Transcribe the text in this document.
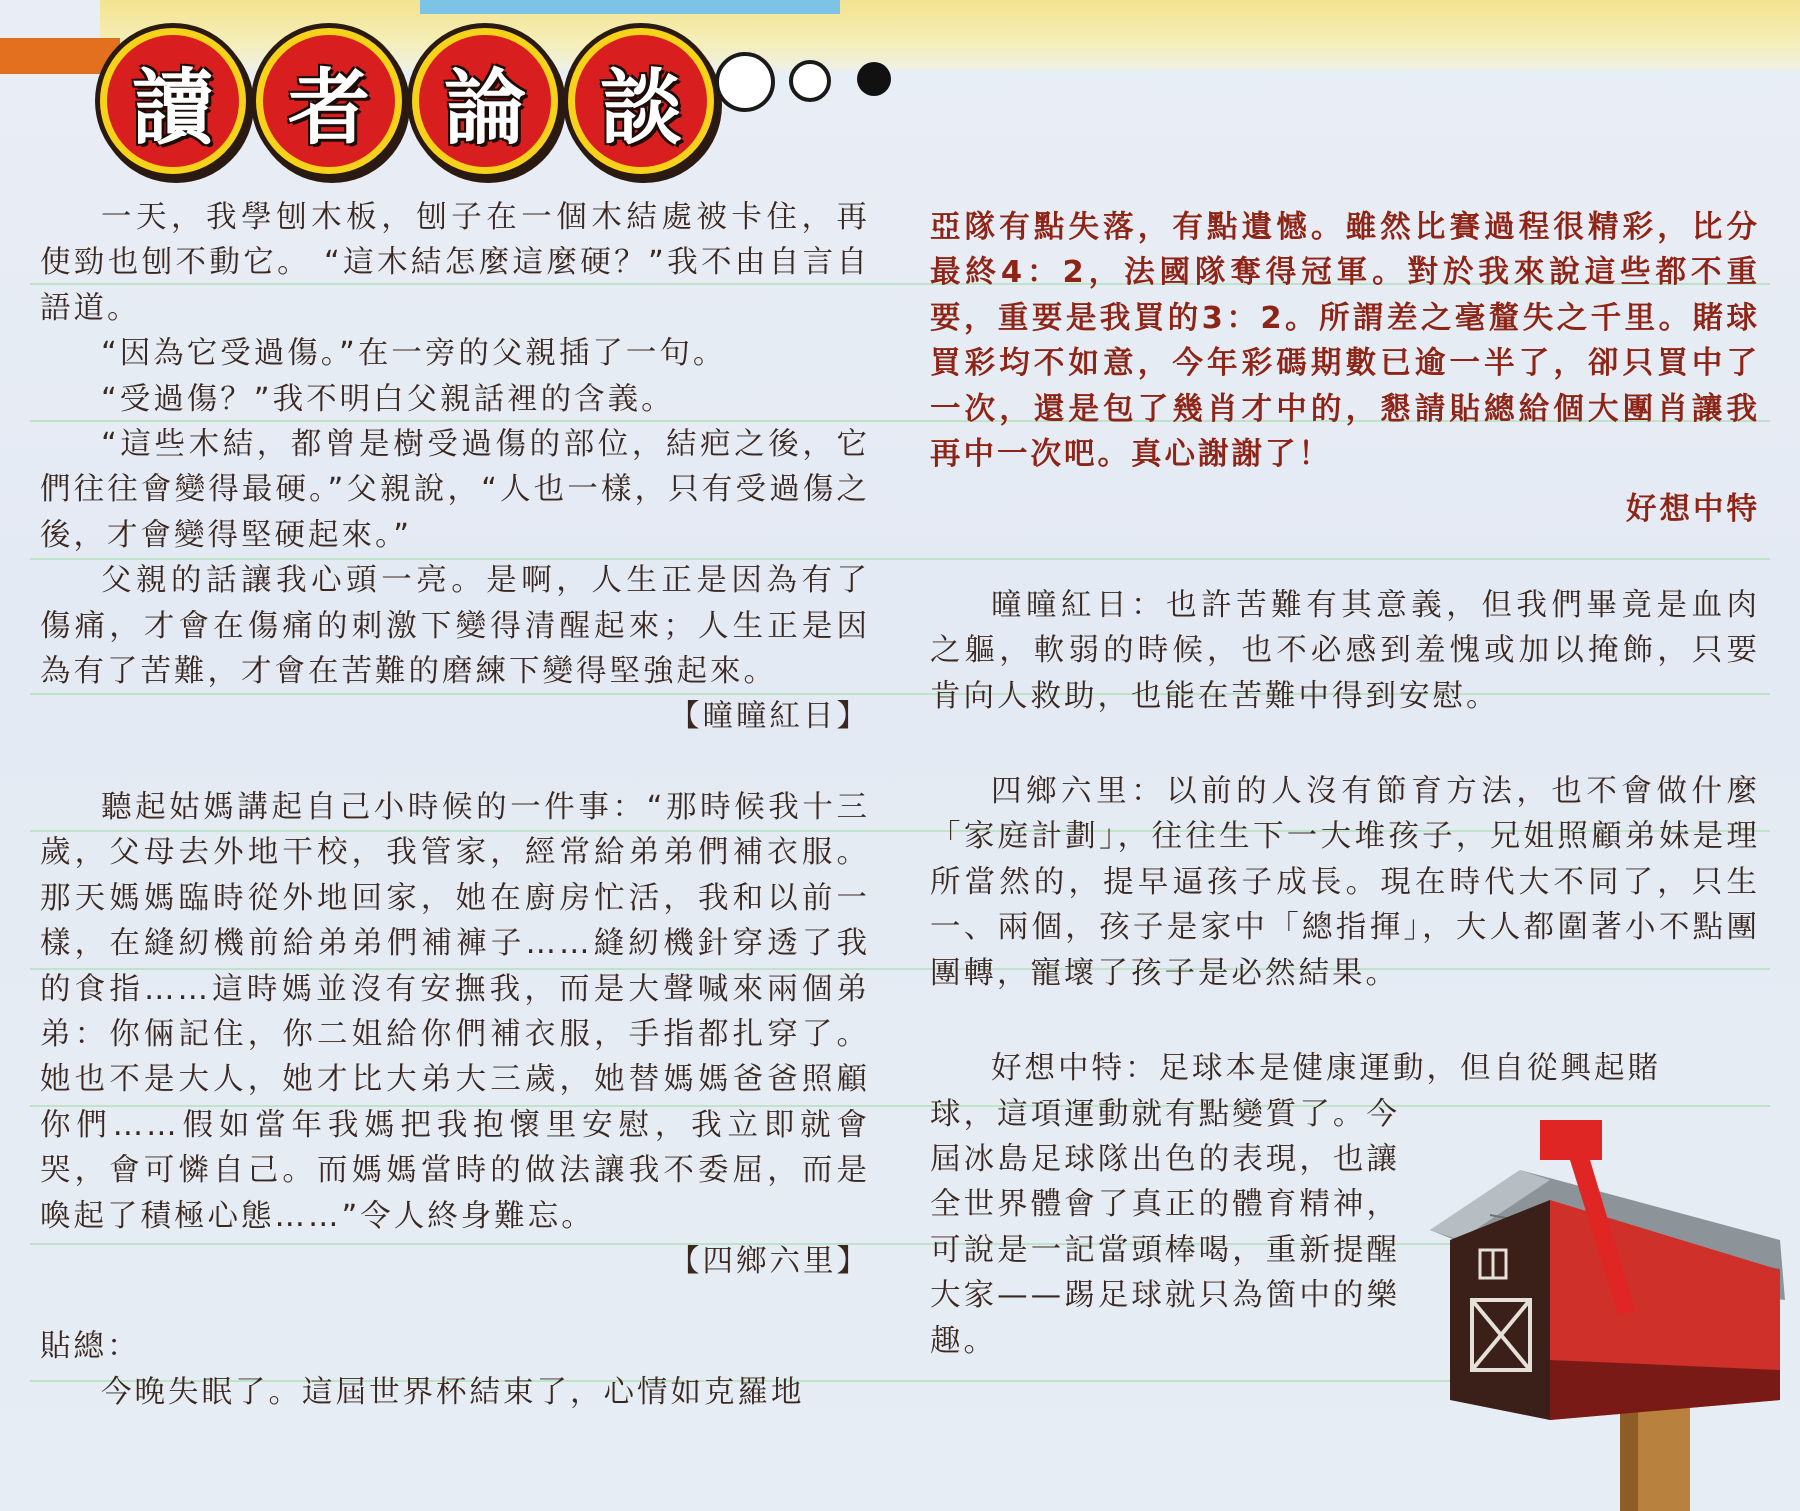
讀 者 論 談

一天，我學刨木板，刨子在一個木結處被卡住，再使勁也刨不動它。 “這木結怎麼這麼硬？”我不由自言自語道。

“因為它受過傷。”在一旁的父親插了一句。

“受過傷？”我不明白父親話裡的含義。

“這些木結，都曾是樹受過傷的部位，結疤之後，它們往往會變得最硬。”父親說，“人也一樣，只有受過傷之後，才會變得堅硬起來。”

父親的話讓我心頭一亮。是啊，人生正是因為有了傷痛，才會在傷痛的刺激下變得清醒起來；人生正是因為有了苦難，才會在苦難的磨練下變得堅強起來。

【曈曈紅日】

聽起姑媽講起自己小時候的一件事：“那時候我十三歲，父母去外地干校，我管家，經常給弟弟們補衣服。那天媽媽臨時從外地回家，她在廚房忙活，我和以前一樣，在縫紉機前給弟弟們補褲子……縫紉機針穿透了我的食指……這時媽並沒有安撫我，而是大聲喊來兩個弟弟：你倆記住，你二姐給你們補衣服，手指都扎穿了。她也不是大人，她才比大弟大三歲，她替媽媽爸爸照顧你們……假如當年我媽把我抱懷里安慰，我立即就會哭，會可憐自己。而媽媽當時的做法讓我不委屈，而是喚起了積極心態……”令人終身難忘。

【四鄉六里】

貼總：

今晚失眠了。這屆世界杯結束了，心情如克羅地

亞隊有點失落，有點遺憾。雖然比賽過程很精彩，比分最終4：2，法國隊奪得冠軍。對於我來說這些都不重要，重要是我買的3：2。所謂差之毫釐失之千里。賭球買彩均不如意，今年彩碼期數已逾一半了，卻只買中了一次，還是包了幾肖才中的，懇請貼總給個大團肖讓我再中一次吧。真心謝謝了！

好想中特

曈曈紅日：也許苦難有其意義，但我們畢竟是血肉之軀，軟弱的時候，也不必感到羞愧或加以掩飾，只要肯向人救助，也能在苦難中得到安慰。

四鄉六里：以前的人沒有節育方法，也不會做什麼「家庭計劃」，往往生下一大堆孩子，兄姐照顧弟妹是理所當然的，提早逼孩子成長。現在時代大不同了，只生一、兩個，孩子是家中「總指揮」，大人都圍著小不點團團轉，寵壞了孩子是必然結果。

好想中特：足球本是健康運動，但自從興起賭

球，這項運動就有點變質了。今屆冰島足球隊出色的表現，也讓全世界體會了真正的體育精神，可說是一記當頭棒喝，重新提醒大家——踢足球就只為箇中的樂趣。
